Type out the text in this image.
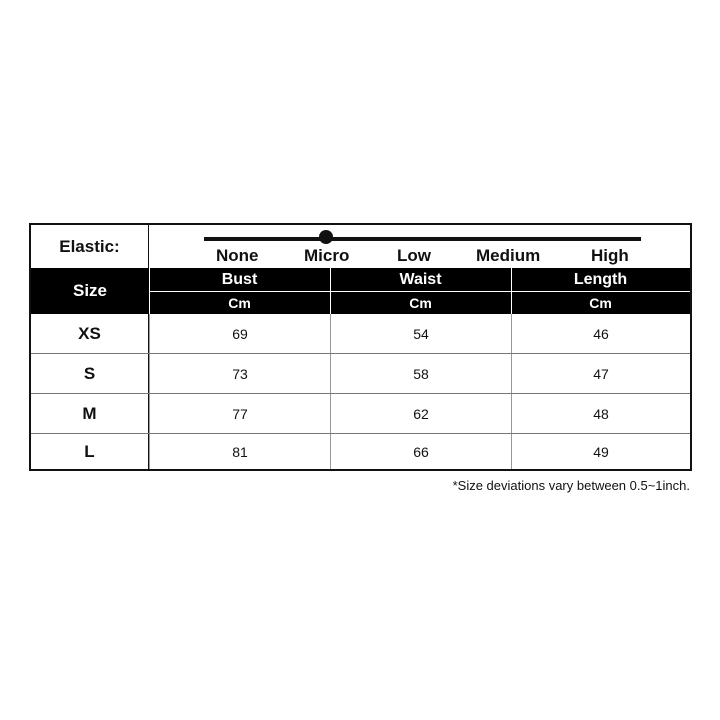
Elastic:	None	Micro	Low	Medium	High
Size
Bust	Waist	Length
Cm	Cm	Cm
XS	69	54	46
S	73	58	47
M	77	62	48
L	81	66	49
*Size deviations vary between 0.5~1inch.
